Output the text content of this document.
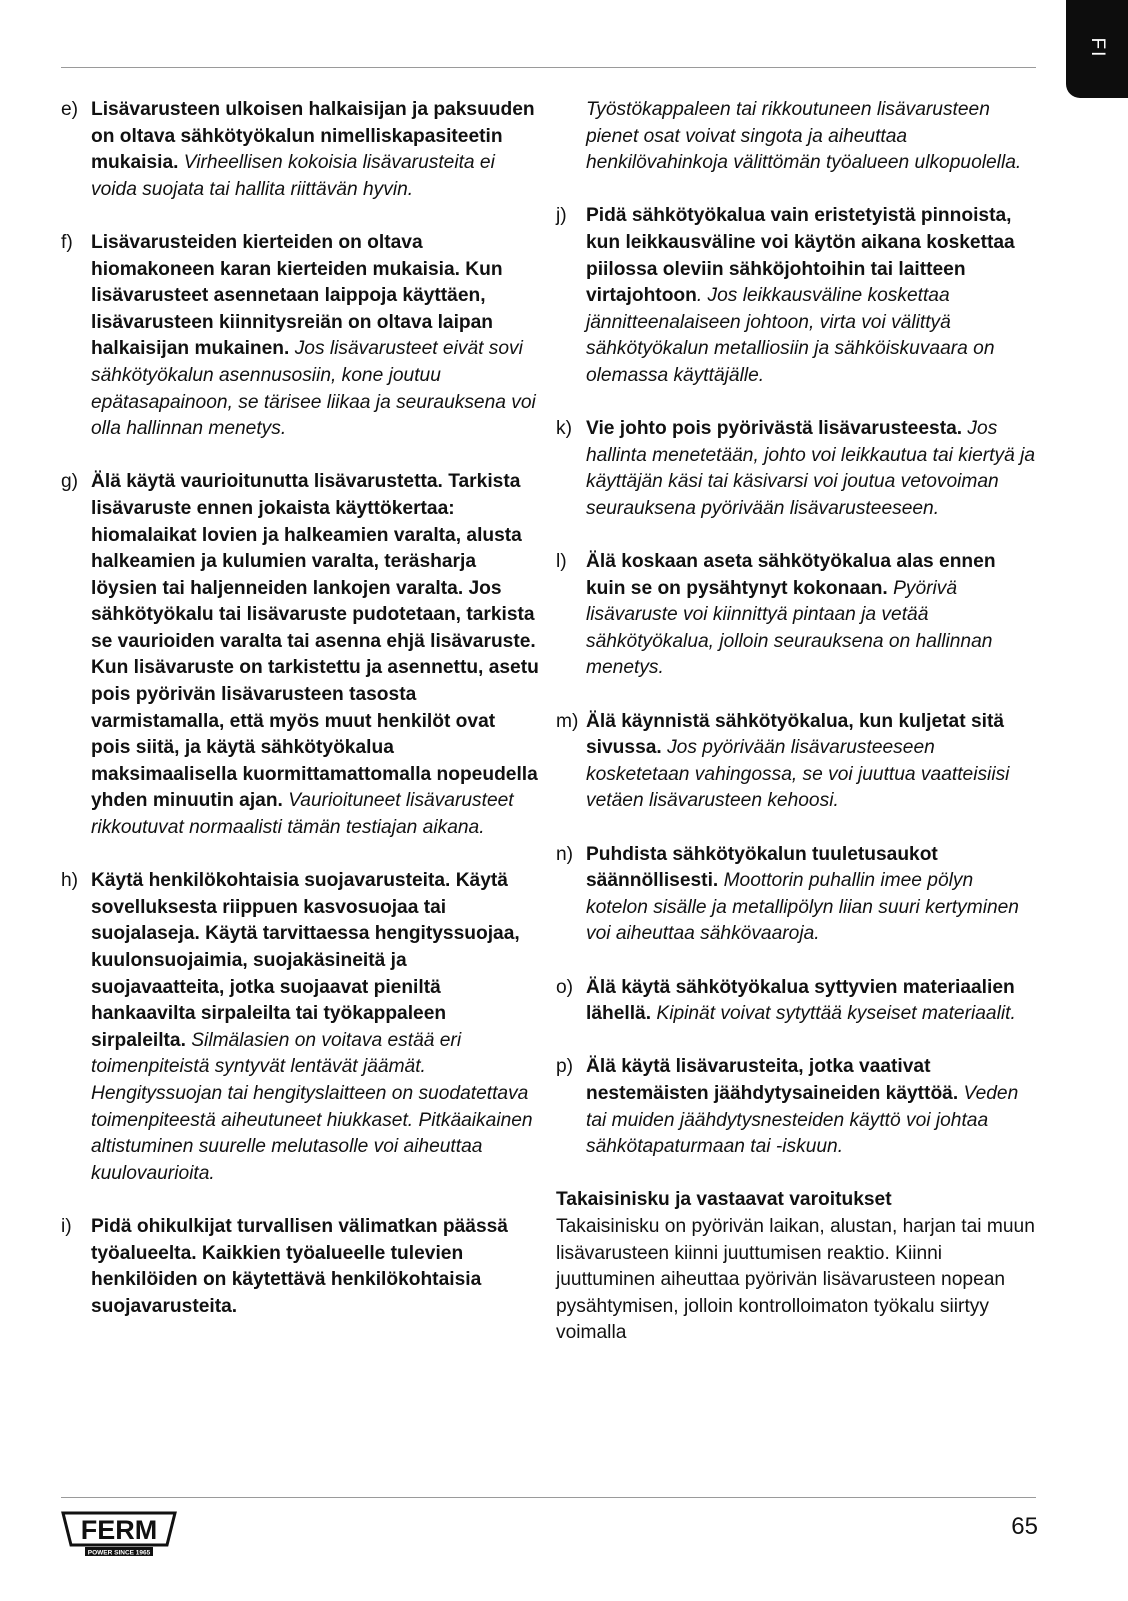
FI
e) Lisävarusteen ulkoisen halkaisijan ja paksuuden on oltava sähkötyökalun nimelliskapasiteetin mukaisia. Virheellisen kokoisia lisävarusteita ei voida suojata tai hallita riittävän hyvin.
f) Lisävarusteiden kierteiden on oltava hiomakoneen karan kierteiden mukaisia. Kun lisävarusteet asennetaan laippoja käyttäen, lisävarusteen kiinnitysreiän on oltava laipan halkaisijan mukainen. Jos lisävarusteet eivät sovi sähkötyökalun asennusosiin, kone joutuu epätasapainoon, se tärisee liikaa ja seurauksena voi olla hallinnan menetys.
g) Älä käytä vaurioitunutta lisävarustetta. Tarkista lisävaruste ennen jokaista käyttökertaa: hiomalaikat lovien ja halkeamien varalta, alusta halkeamien ja kulumien varalta, teräsharja löysien tai haljenneiden lankojen varalta. Jos sähkötyökalu tai lisävaruste pudotetaan, tarkista se vaurioiden varalta tai asenna ehjä lisävaruste. Kun lisävaruste on tarkistettu ja asennettu, asetu pois pyörivän lisävarusteen tasosta varmistamalla, että myös muut henkilöt ovat pois siitä, ja käytä sähkötyökalua maksimaalisella kuormittamattomalla nopeudella yhden minuutin ajan. Vaurioituneet lisävarusteet rikkoutuvat normaalisti tämän testiajan aikana.
h) Käytä henkilökohtaisia suojavarusteita. Käytä sovelluksesta riippuen kasvosuojaa tai suojalaseja. Käytä tarvittaessa hengityssuojaa, kuulonsuojaimia, suojakäsineitä ja suojavaatteita, jotka suojaavat pieniltä hankaavilta sirpaleilta tai työkappaleen sirpaleilta. Silmälasien on voitava estää eri toimenpiteistä syntyvät lentävät jäämät. Hengityssuojan tai hengityslaitteen on suodatettava toimenpiteestä aiheutuneet hiukkaset. Pitkäaikainen altistuminen suurelle melutasolle voi aiheuttaa kuulovaurioita.
i)	Pidä ohikulkijat turvallisen välimatkan päässä työalueelta. Kaikkien työalueelle tulevien henkilöiden on käytettävä henkilökohtaisia suojavarusteita.
Työstökappaleen tai rikkoutuneen lisävarusteen pienet osat voivat singota ja aiheuttaa henkilövahinkoja välittömän työalueen ulkopuolella.
j)	Pidä sähkötyökalua vain eristetyistä pinnoista, kun leikkausväline voi käytön aikana koskettaa piilossa oleviin sähköjohtoihin tai laitteen virtajohtoon. Jos leikkausväline koskettaa jännitteenalaiseen johtoon, virta voi välittyä sähkötyökalun metalliosiin ja sähköiskuvaara on olemassa käyttäjälle.
k) Vie johto pois pyörivästä lisävarusteesta. Jos hallinta menetetään, johto voi leikkautua tai kiertyä ja käyttäjän käsi tai käsivarsi voi joutua vetovoiman seurauksena pyörivään lisävarusteeseen.
l)	Älä koskaan aseta sähkötyökalua alas ennen kuin se on pysähtynyt kokonaan. Pyörivä lisävaruste voi kiinnittyä pintaan ja vetää sähkötyökalua, jolloin seurauksena on hallinnan menetys.
m) Älä käynnistä sähkötyökalua, kun kuljetat sitä sivussa. Jos pyörivään lisävarusteeseen kosketetaan vahingossa, se voi juuttua vaatteisiisi vetäen lisävarusteen kehoosi.
n) Puhdista sähkötyökalun tuuletusaukot säännöllisesti. Moottorin puhallin imee pölyn kotelon sisälle ja metallipölyn liian suuri kertyminen voi aiheuttaa sähkövaaroja.
o) Älä käytä sähkötyökalua syttyvien materiaalien lähellä. Kipinät voivat sytyttää kyseiset materiaalit.
p) Älä käytä lisävarusteita, jotka vaativat nestemäisten jäähdytysaineiden käyttöä. Veden tai muiden jäähdytysnesteiden käyttö voi johtaa sähkötapaturmaan tai -iskuun.
Takaisinisku ja vastaavat varoitukset

Takaisinisku on pyörivän laikan, alustan, harjan tai muun lisävarusteen kiinni juuttumisen reaktio. Kiinni juuttuminen aiheuttaa pyörivän lisävarusteen nopean pysähtymisen, jolloin kontrolloimaton työkalu siirtyy voimalla

FERM
POWER SINCE 1965
65
